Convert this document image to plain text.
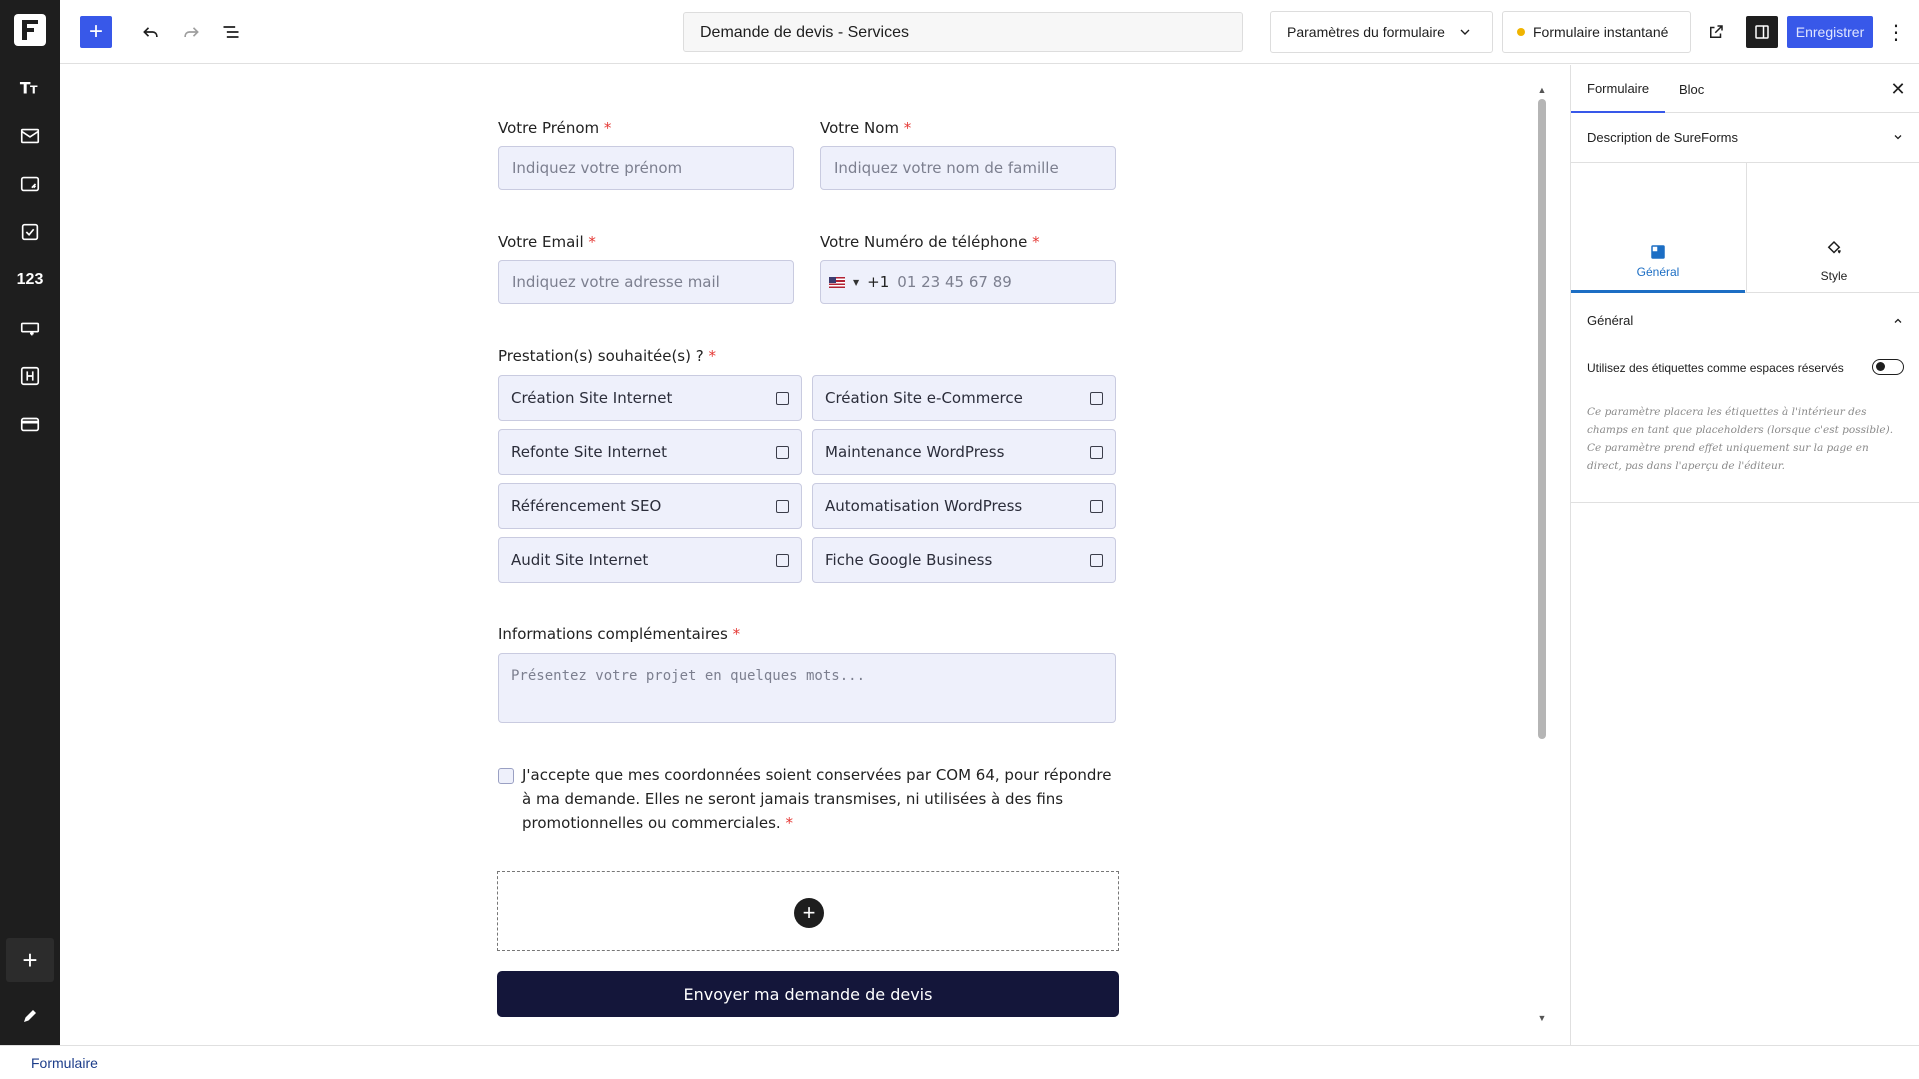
T T
123
+
+	Demande de devis - Services	Paramètres du formulaire	Formulaire instantané	Enregistrer	⋮
Votre Prénom *
Indiquez votre prénom
Votre Nom *
Indiquez votre nom de famille
Votre Email *
Indiquez votre adresse mail
Votre Numéro de téléphone *
▼ +1 01 23 45 67 89
Prestation(s) souhaitée(s) ? *
Création Site Internet	Création Site e-Commerce
Refonte Site Internet	Maintenance WordPress
Référencement SEO	Automatisation WordPress
Audit Site Internet	Fiche Google Business
Informations complémentaires *
Présentez votre projet en quelques mots...
J'accepte que mes coordonnées soient conservées par COM 64, pour répondre à ma demande. Elles ne seront jamais transmises, ni utilisées à des fins promotionnelles ou commerciales. *
+
Envoyer ma demande de devis
▲
▼
Formulaire	Bloc	✕
Description de SureForms
Général	Style
Général
Utilisez des étiquettes comme espaces réservés
Ce paramètre placera les étiquettes à l'intérieur des champs en tant que placeholders (lorsque c'est possible). Ce paramètre prend effet uniquement sur la page en direct, pas dans l'aperçu de l'éditeur.
Formulaire
